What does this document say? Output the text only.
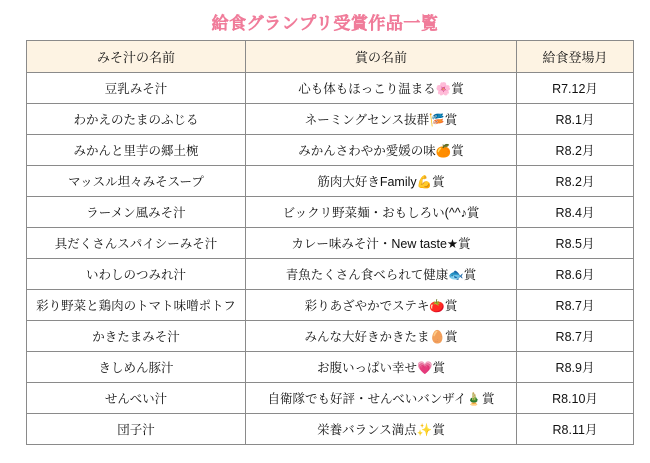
給食グランプリ受賞作品一覧
みそ汁の名前	賞の名前	給食登場月
豆乳みそ汁	心も体もほっこり温まる🌸賞	R7.12月
わかえのたまのふじる	ネーミングセンス抜群🎏賞	R8.1月
みかんと里芋の郷土椀	みかんさわやか愛媛の味🍊賞	R8.2月
マッスル坦々みそスープ	筋肉大好きFamily💪賞	R8.2月
ラーメン風みそ汁	ビックリ野菜麺・おもしろい(^^♪賞	R8.4月
具だくさんスパイシーみそ汁	カレー味みそ汁・New taste★賞	R8.5月
いわしのつみれ汁	青魚たくさん食べられて健康🐟賞	R8.6月
彩り野菜と鶏肉のトマト味噌ポトフ	彩りあざやかでステキ🍅賞	R8.7月
かきたまみそ汁	みんな大好きかきたま🥚賞	R8.7月
きしめん豚汁	お腹いっぱい幸せ💗賞	R8.9月
せんべい汁	自衛隊でも好評・せんべいバンザイ🎍賞	R8.10月
団子汁	栄養バランス満点✨賞	R8.11月
